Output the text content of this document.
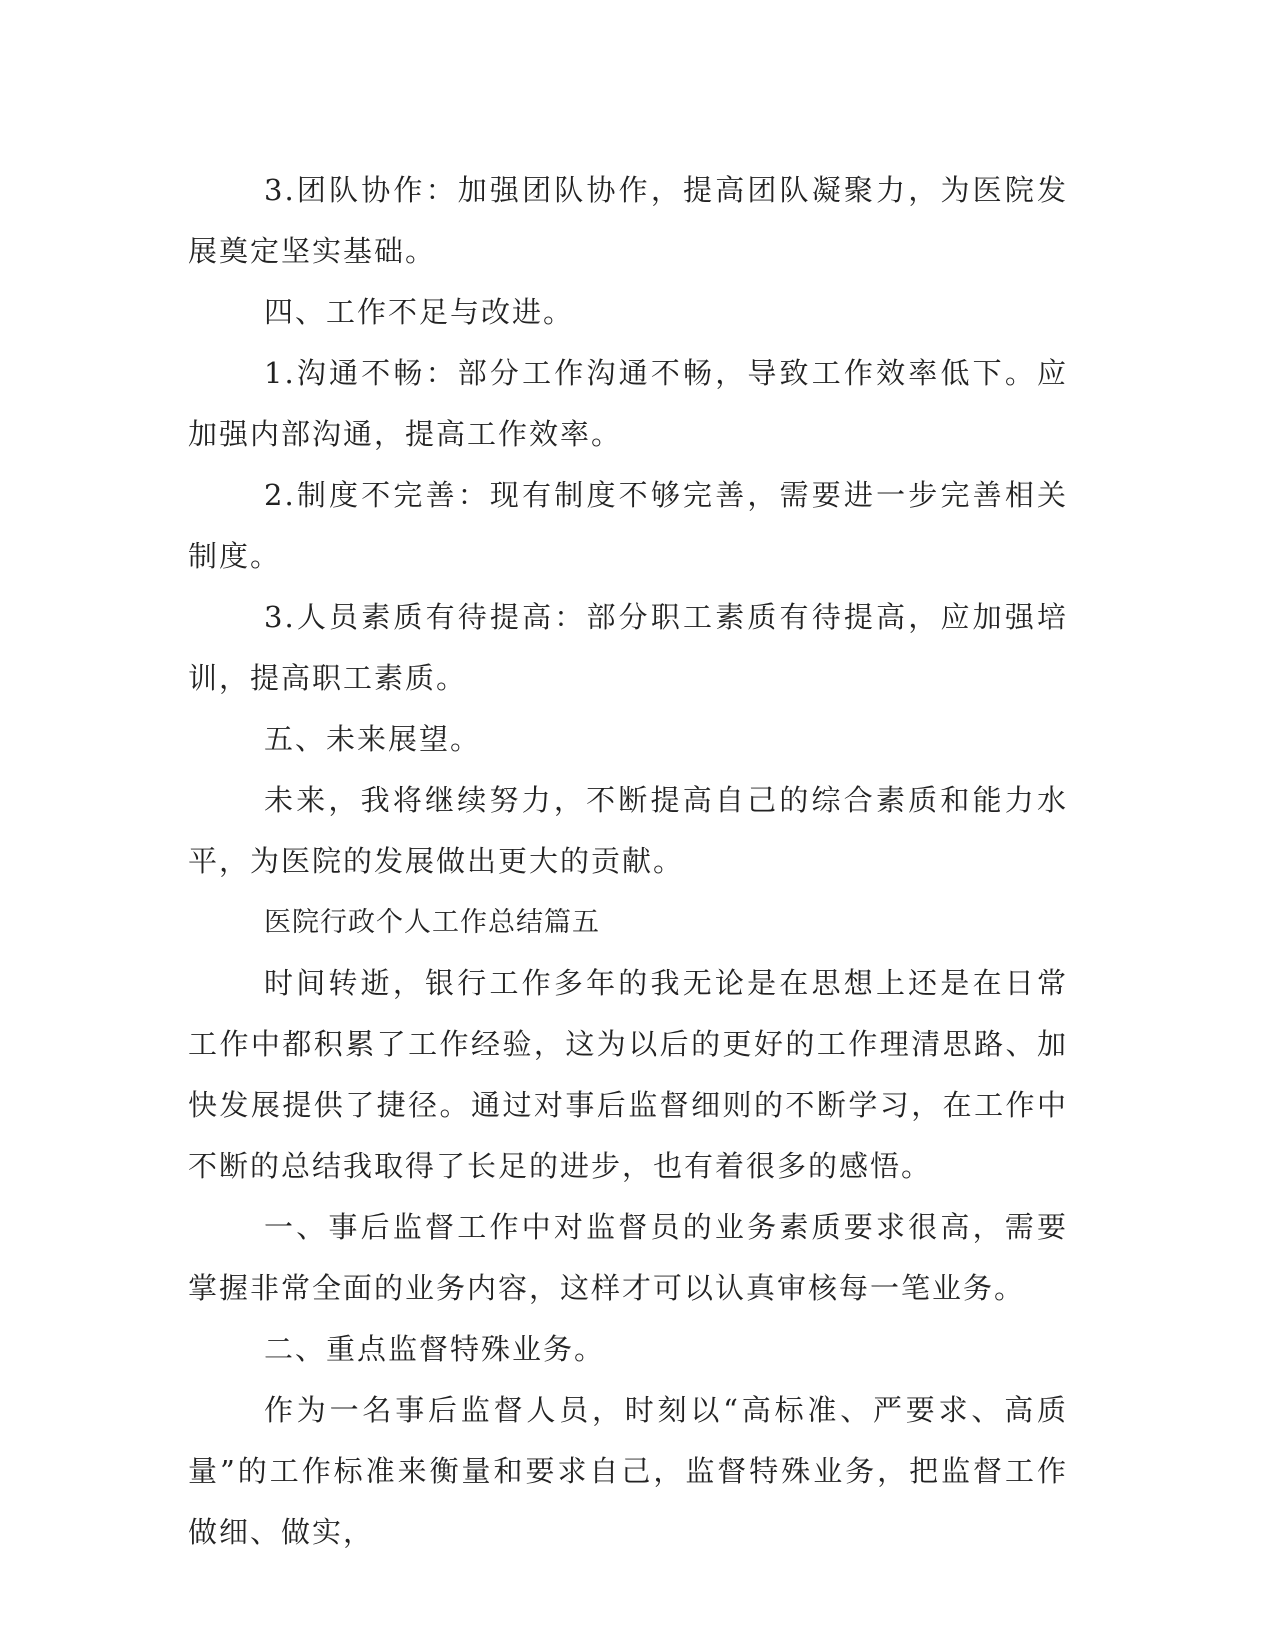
3.团队协作：加强团队协作，提高团队凝聚力，为医院发展奠定坚实基础。

四、工作不足与改进。

1.沟通不畅：部分工作沟通不畅，导致工作效率低下。应加强内部沟通，提高工作效率。

2.制度不完善：现有制度不够完善，需要进一步完善相关制度。

3.人员素质有待提高：部分职工素质有待提高，应加强培训，提高职工素质。

五、未来展望。

未来，我将继续努力，不断提高自己的综合素质和能力水平，为医院的发展做出更大的贡献。

医院行政个人工作总结篇五

时间转逝，银行工作多年的我无论是在思想上还是在日常工作中都积累了工作经验，这为以后的更好的工作理清思路、加快发展提供了捷径。通过对事后监督细则的不断学习，在工作中不断的总结我取得了长足的进步，也有着很多的感悟。

一、事后监督工作中对监督员的业务素质要求很高，需要掌握非常全面的业务内容，这样才可以认真审核每一笔业务。

二、重点监督特殊业务。

作为一名事后监督人员，时刻以“高标准、严要求、高质量”的工作标准来衡量和要求自己，监督特殊业务，把监督工作做细、做实，
